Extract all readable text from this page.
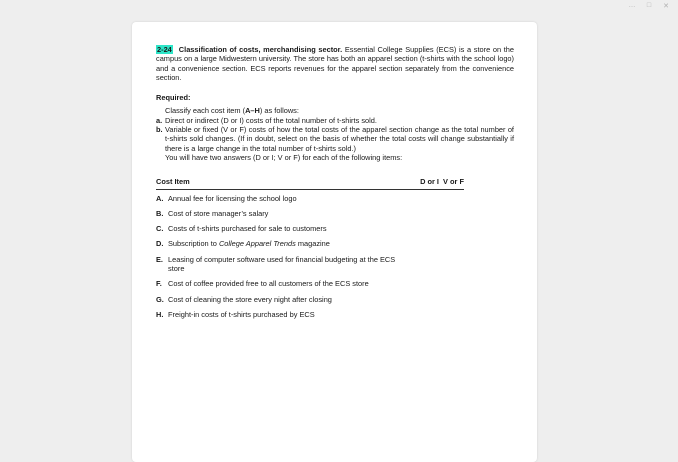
… □ ✕

2-24 Classification of costs, merchandising sector. Essential College Supplies (ECS) is a store on the campus on a large Midwestern university. The store has both an apparel section (t-shirts with the school logo) and a convenience section. ECS reports revenues for the apparel section separately from the convenience section.

Required:
Classify each cost item (A–H) as follows:
a. Direct or indirect (D or I) costs of the total number of t-shirts sold.
b. Variable or fixed (V or F) costs of how the total costs of the apparel section change as the total number of t-shirts sold changes. (If in doubt, select on the basis of whether the total costs will change substantially if there is a large change in the total number of t-shirts sold.)
You will have two answers (D or I; V or F) for each of the following items:
Cost Item	D or I  V or F
A. Annual fee for licensing the school logo
B. Cost of store manager’s salary
C. Costs of t-shirts purchased for sale to customers
D. Subscription to College Apparel Trends magazine
E. Leasing of computer software used for financial budgeting at the ECS store
F. Cost of coffee provided free to all customers of the ECS store
G. Cost of cleaning the store every night after closing
H. Freight-in costs of t-shirts purchased by ECS
